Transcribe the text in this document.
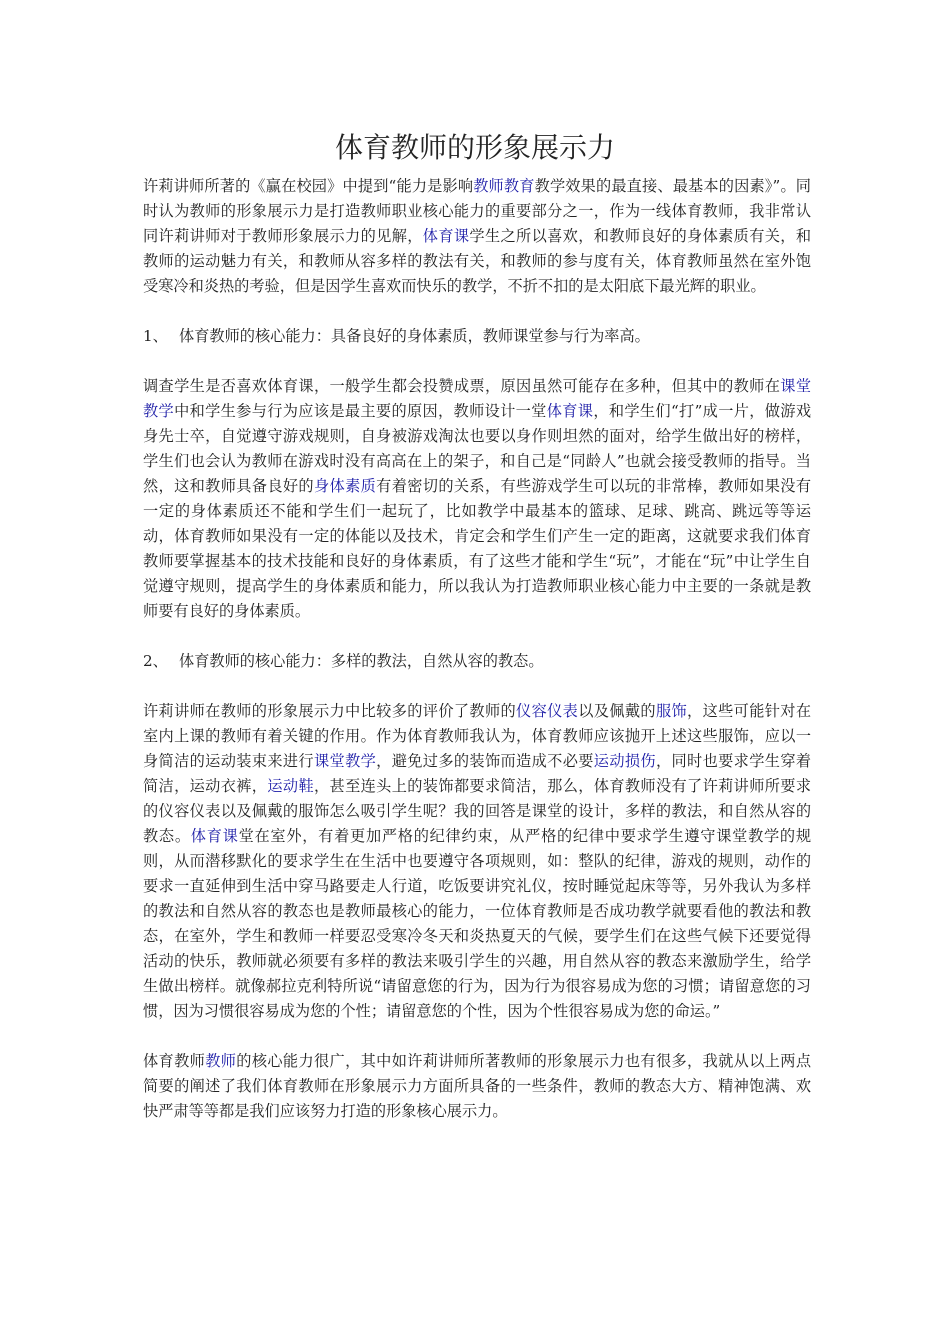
体育教师的形象展示力

许莉讲师所著的《赢在校园》中提到“能力是影响教师教育教学效果的最直接、最基本的因素》”。同时认为教师的形象展示力是打造教师职业核心能力的重要部分之一，作为一线体育教师，我非常认同许莉讲师对于教师形象展示力的见解，体育课学生之所以喜欢，和教师良好的身体素质有关，和教师的运动魅力有关，和教师从容多样的教法有关，和教师的参与度有关，体育教师虽然在室外饱受寒冷和炎热的考验，但是因学生喜欢而快乐的教学，不折不扣的是太阳底下最光辉的职业。

1、 体育教师的核心能力：具备良好的身体素质，教师课堂参与行为率高。

调查学生是否喜欢体育课，一般学生都会投赞成票，原因虽然可能存在多种，但其中的教师在课堂教学中和学生参与行为应该是最主要的原因，教师设计一堂体育课，和学生们“打”成一片，做游戏身先士卒，自觉遵守游戏规则，自身被游戏淘汰也要以身作则坦然的面对，给学生做出好的榜样，学生们也会认为教师在游戏时没有高高在上的架子，和自己是“同龄人”也就会接受教师的指导。当然，这和教师具备良好的身体素质有着密切的关系，有些游戏学生可以玩的非常棒，教师如果没有一定的身体素质还不能和学生们一起玩了，比如教学中最基本的篮球、足球、跳高、跳远等等运动，体育教师如果没有一定的体能以及技术，肯定会和学生们产生一定的距离，这就要求我们体育教师要掌握基本的技术技能和良好的身体素质，有了这些才能和学生“玩”，才能在“玩”中让学生自觉遵守规则，提高学生的身体素质和能力，所以我认为打造教师职业核心能力中主要的一条就是教师要有良好的身体素质。

2、 体育教师的核心能力：多样的教法，自然从容的教态。

许莉讲师在教师的形象展示力中比较多的评价了教师的仪容仪表以及佩戴的服饰，这些可能针对在室内上课的教师有着关键的作用。作为体育教师我认为，体育教师应该抛开上述这些服饰，应以一身简洁的运动装束来进行课堂教学，避免过多的装饰而造成不必要运动损伤，同时也要求学生穿着简洁，运动衣裤，运动鞋，甚至连头上的装饰都要求简洁，那么，体育教师没有了许莉讲师所要求的仪容仪表以及佩戴的服饰怎么吸引学生呢？我的回答是课堂的设计，多样的教法，和自然从容的教态。体育课堂在室外，有着更加严格的纪律约束，从严格的纪律中要求学生遵守课堂教学的规则，从而潜移默化的要求学生在生活中也要遵守各项规则，如：整队的纪律，游戏的规则，动作的要求一直延伸到生活中穿马路要走人行道，吃饭要讲究礼仪，按时睡觉起床等等，另外我认为多样的教法和自然从容的教态也是教师最核心的能力，一位体育教师是否成功教学就要看他的教法和教态，在室外，学生和教师一样要忍受寒冷冬天和炎热夏天的气候，要学生们在这些气候下还要觉得活动的快乐，教师就必须要有多样的教法来吸引学生的兴趣，用自然从容的教态来激励学生，给学生做出榜样。就像郝拉克利特所说“请留意您的行为，因为行为很容易成为您的习惯；请留意您的习惯，因为习惯很容易成为您的个性；请留意您的个性，因为个性很容易成为您的命运。”

体育教师教师的核心能力很广，其中如许莉讲师所著教师的形象展示力也有很多，我就从以上两点简要的阐述了我们体育教师在形象展示力方面所具备的一些条件，教师的教态大方、精神饱满、欢快严肃等等都是我们应该努力打造的形象核心展示力。
